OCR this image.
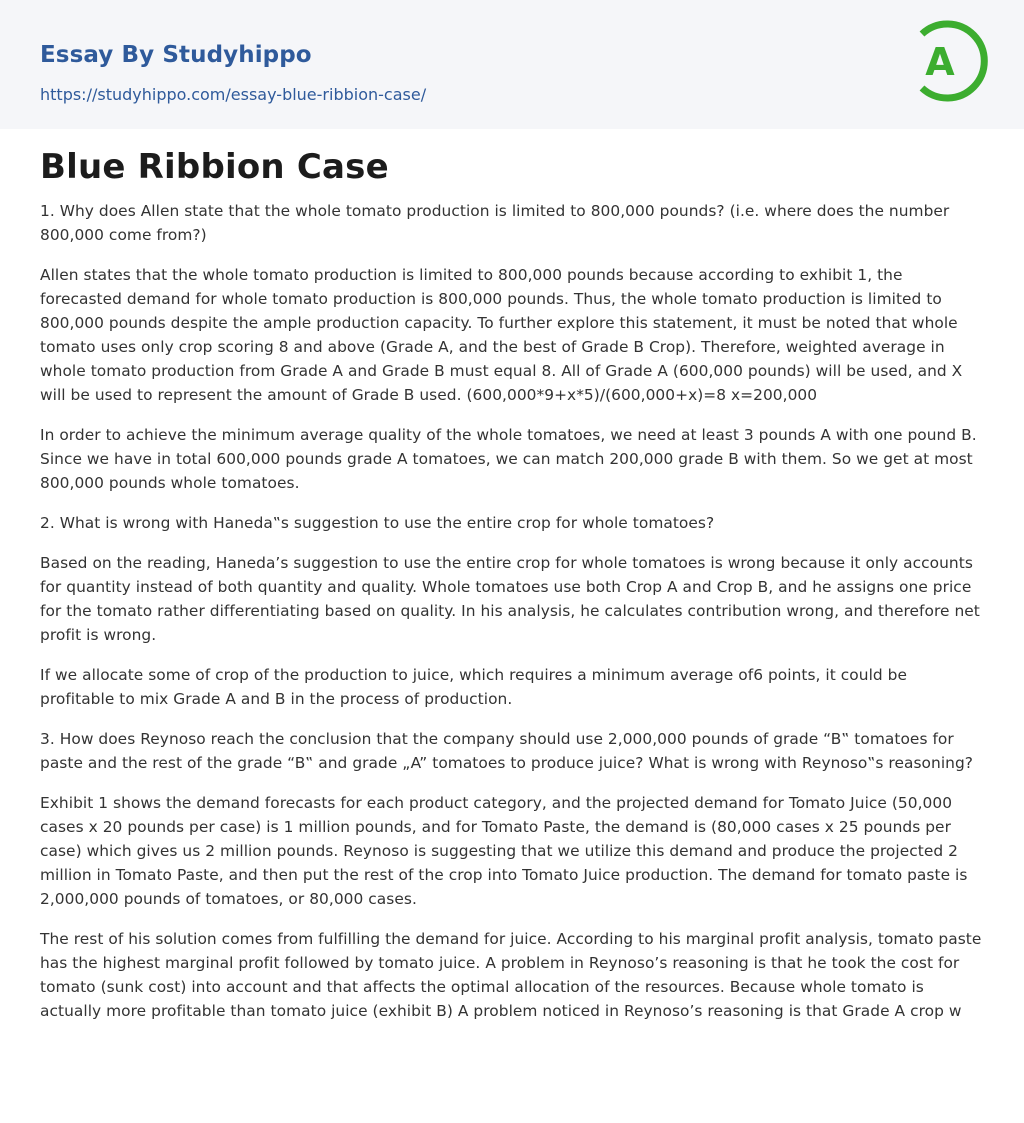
Essay By Studyhippo
https://studyhippo.com/essay-blue-ribbion-case/
A
Blue Ribbion Case

1. Why does Allen state that the whole tomato production is limited to 800,000 pounds? (i.e. where does the number 800,000 come from?)

Allen states that the whole tomato production is limited to 800,000 pounds because according to exhibit 1, the forecasted demand for whole tomato production is 800,000 pounds. Thus, the whole tomato production is limited to 800,000 pounds despite the ample production capacity. To further explore this statement, it must be noted that whole tomato uses only crop scoring 8 and above (Grade A, and the best of Grade B Crop). Therefore, weighted average in whole tomato production from Grade A and Grade B must equal 8. All of Grade A (600,000 pounds) will be used, and X will be used to represent the amount of Grade B used. (600,000*9+x*5)/(600,000+x)=8 x=200,000

In order to achieve the minimum average quality of the whole tomatoes, we need at least 3 pounds A with one pound B. Since we have in total 600,000 pounds grade A tomatoes, we can match 200,000 grade B with them. So we get at most 800,000 pounds whole tomatoes.

2. What is wrong with Haneda‟s suggestion to use the entire crop for whole tomatoes?

Based on the reading, Haneda’s suggestion to use the entire crop for whole tomatoes is wrong because it only accounts for quantity instead of both quantity and quality. Whole tomatoes use both Crop A and Crop B, and he assigns one price for the tomato rather differentiating based on quality. In his analysis, he calculates contribution wrong, and therefore net profit is wrong.

If we allocate some of crop of the production to juice, which requires a minimum average of6 points, it could be profitable to mix Grade A and B in the process of production.

3. How does Reynoso reach the conclusion that the company should use 2,000,000 pounds of grade “B‟ tomatoes for paste and the rest of the grade “B‟ and grade „A” tomatoes to produce juice? What is wrong with Reynoso‟s reasoning?

Exhibit 1 shows the demand forecasts for each product category, and the projected demand for Tomato Juice (50,000 cases x 20 pounds per case) is 1 million pounds, and for Tomato Paste, the demand is (80,000 cases x 25 pounds per case) which gives us 2 million pounds. Reynoso is suggesting that we utilize this demand and produce the projected 2 million in Tomato Paste, and then put the rest of the crop into Tomato Juice production. The demand for tomato paste is 2,000,000 pounds of tomatoes, or 80,000 cases.

The rest of his solution comes from fulfilling the demand for juice. According to his marginal profit analysis, tomato paste has the highest marginal profit followed by tomato juice. A problem in Reynoso’s reasoning is that he took the cost for tomato (sunk cost) into account and that affects the optimal allocation of the resources. Because whole tomato is actually more profitable than tomato juice (exhibit B) A problem noticed in Reynoso’s reasoning is that Grade A crop w
